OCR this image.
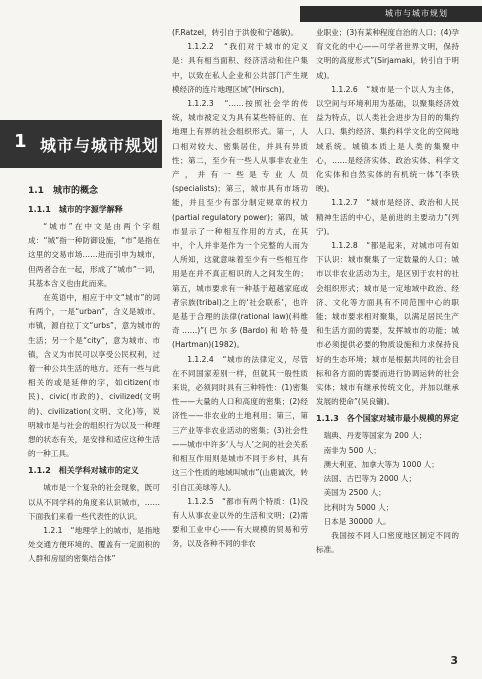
城市与城市规划
1 城市与城市规划
1.1　城市的概念
1.1.1　城市的字源学解释

“城市”在中文是由两个字组成：“城”指一种防御设施，“市”是指在这里的交易市场……进而引申为城市，但两者合在一起，形成了“城市”一词，其基本含义也由此而来。

在英语中，相应于中文“城市”的词有两个，一是“urban”，含义是城市、市镇，源自拉丁文“urbs”，意为城市的生活；另一个是“city”，意为城市、市镇，含义为市民可以享受公民权利，过着一种公共生活的地方。还有一些与此相关的或是延伸的字，如citizen(市民)、civic(市政的)、civilized(文明的)、civilization(文明、文化)等，说明城市是与社会的组织行为以及一种理想的状态有关，是安排和适应这种生活的一种工具。

1.1.2　相关学科对城市的定义

城市是一个复杂的社会现象，既可以从不同学科的角度来认识城市，……下面我们来看一些代表性的认识。

1.2.1　“地理学上的城市，是指地处交通方便环境的、覆盖有一定面积的人群和房屋的密集结合体”

(F.Ratzel，转引自于洪俊和宁越敏)。

1.1.2.2　“我们对于城市的定义是：具有相当面积、经济活动和住户集中，以致在私人企业和公共部门产生规模经济的连片地理区域”(Hirsch)。

1.1.2.3　“……按照社会学的传统，城市被定义为具有某些特征的、在地理上有界的社会组织形式。第一，人口相对较大、密集居住，并具有异质性；第二，至少有一些人从事非农业生产，并有一些是专业人员(specialists)；第三，城市具有市场功能，并且至少有部分制定规章的权力(partial regulatory power)；第四，城市显示了一种相互作用的方式，在其中，个人并非是作为一个完整的人而为人所知，这就意味着至少有一些相互作用是在并不真正相识的人之间发生的；第五，城市要求有一种基于超越家庭或者宗族(tribal)之上的‘社会联系’，也许是基于合理的法律(rational law)(科维奇……)”(巴尔多(Bardo)和哈特曼(Hartman)(1982)。

1.1.2.4　“城市的法律定义，尽管在不同国家差别一样，但就其一般性质来说，必须同时具有三种特性：(1)密集性——大量的人口和高度的密集；(2)经济性——非农业的土地利用；第三，第三产业等非农业活动的密集；(3)社会性——城市中许多‘人与人’之间的社会关系和相互作用则是城市不同于乡村，具有这三个性质的地域叫城市”(山鹿诚次，转引自江美球等人)。

1.1.2.5　“都市有两个特质：(1)没有人从事农业以外的生活和文明；(2)需要和工业中心——有大规模的贸易和劳务，以及各种不同的非农

业职业；(3)有某种程度自治的人口；(4)孕育文化的中心——可学者世界文明，保持文明的高度形式”(Sirjamaki，转引自于明成)。

1.1.2.6　“城市是一个以人为主体，以空间与环境利用为基础，以聚集经济效益为特点，以人类社会进步为目的的集约人口、集约经济、集约科学文化的空间地域系统。城镇本质上是人类的集聚中心，……是经济实体、政治实体、科学文化实体和自然实体的有机统一体”(李铁映)。

1.1.2.7　“城市是经济、政治和人民精神生活的中心，是前进的主要动力”(列宁)。

1.1.2.8　“都是起来，对城市可有如下认识：城市聚集了一定数量的人口；城市以非农业活动为主，是区别于农村的社会组织形式；城市是一定地域中政治、经济、文化等方面具有不同范围中心的职能；城市要求相对聚集，以满足居民生产和生活方面的需要，发挥城市的功能；城市必须提供必要的物质设施和力求保持良好的生态环境；城市是根据共同的社会目标和各方面的需要而进行协调运转的社会实体；城市有继承传统文化，并加以继承发展的使命”(吴良镛)。

1.1.3　各个国家对城市最小规模的界定

瑞典、丹麦等国家为 200 人；

南非为 500 人；

澳大利亚、加拿大等为 1000 人；

法国、古巴等为 2000 人；

美国为 2500 人；

比利时为 5000 人；

日本是 30000 人。

我国按不同人口密度地区制定不同的标准。

3
